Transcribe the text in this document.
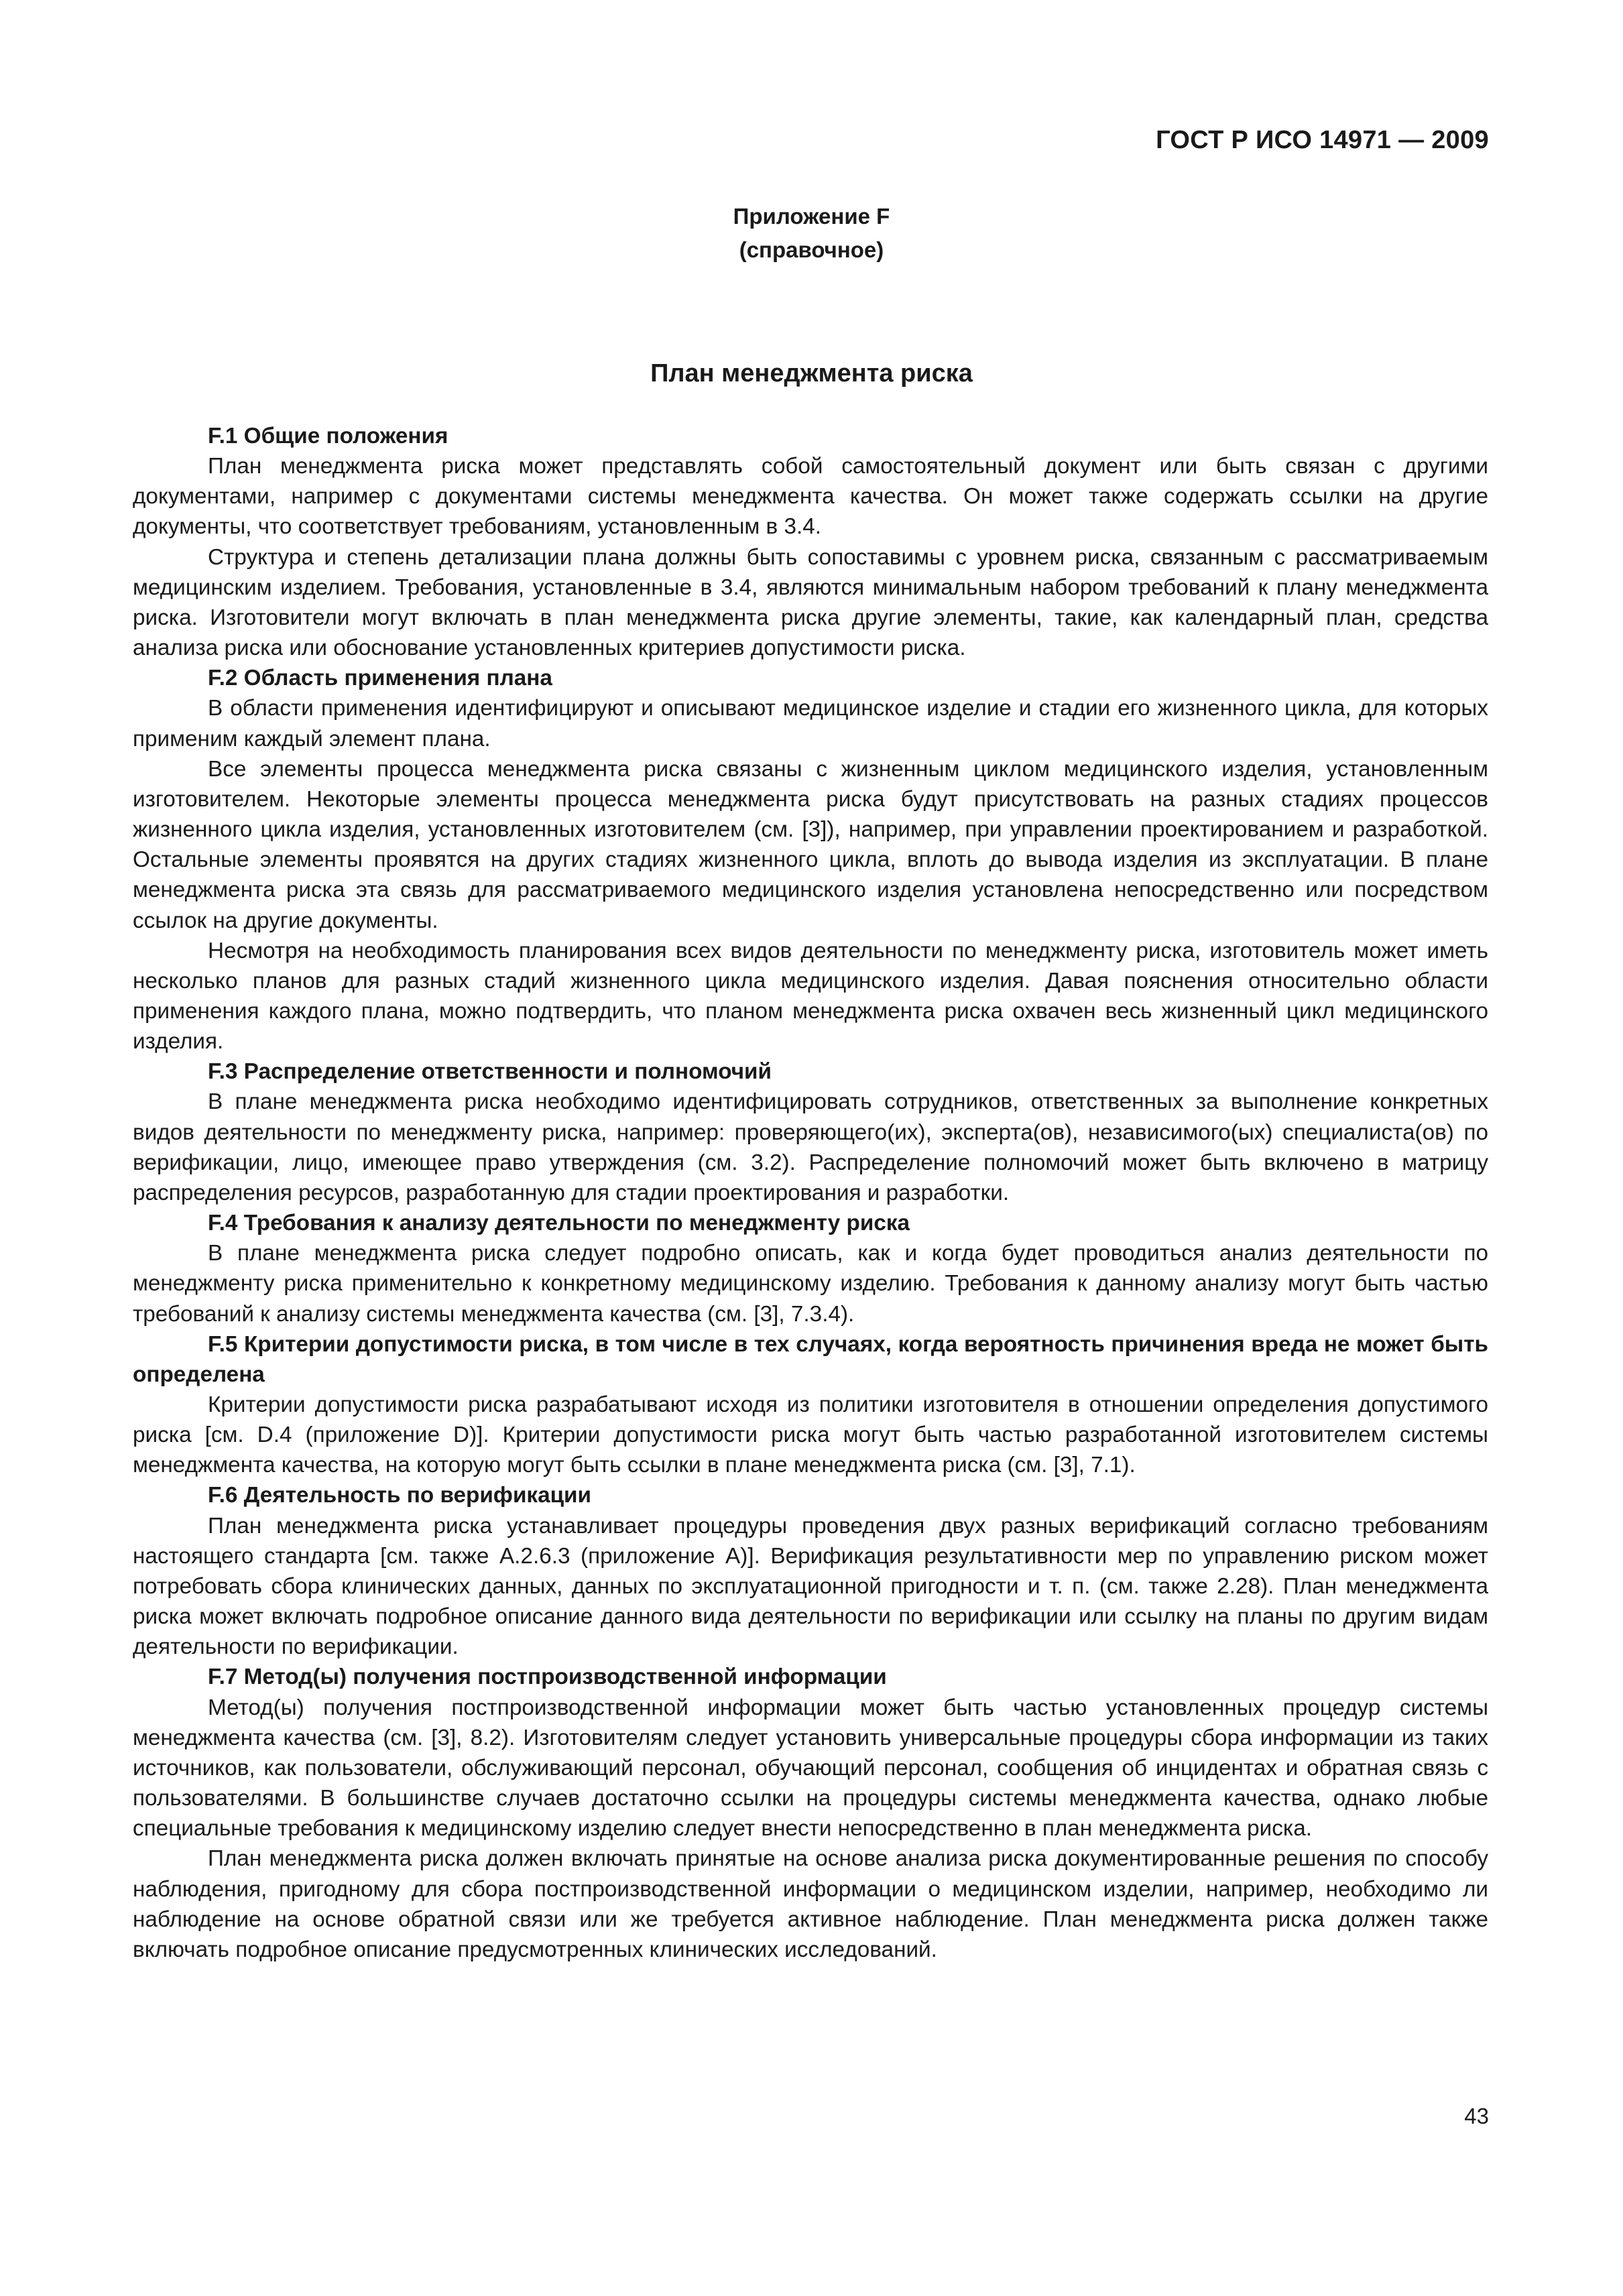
ГОСТ Р ИСО 14971 — 2009
Приложение F
(справочное)
План менеджмента риска
F.1 Общие положения

План менеджмента риска может представлять собой самостоятельный документ или быть связан с другими документами, например с документами системы менеджмента качества. Он может также содержать ссылки на другие документы, что соответствует требованиям, установленным в 3.4.

Структура и степень детализации плана должны быть сопоставимы с уровнем риска, связанным с рассматриваемым медицинским изделием. Требования, установленные в 3.4, являются минимальным набором требований к плану менеджмента риска. Изготовители могут включать в план менеджмента риска другие элементы, такие, как календарный план, средства анализа риска или обоснование установленных критериев допустимости риска.

F.2 Область применения плана

В области применения идентифицируют и описывают медицинское изделие и стадии его жизненного цикла, для которых применим каждый элемент плана.

Все элементы процесса менеджмента риска связаны с жизненным циклом медицинского изделия, установленным изготовителем. Некоторые элементы процесса менеджмента риска будут присутствовать на разных стадиях процессов жизненного цикла изделия, установленных изготовителем (см. [3]), например, при управлении проектированием и разработкой. Остальные элементы проявятся на других стадиях жизненного цикла, вплоть до вывода изделия из эксплуатации. В плане менеджмента риска эта связь для рассматриваемого медицинского изделия установлена непосредственно или посредством ссылок на другие документы.

Несмотря на необходимость планирования всех видов деятельности по менеджменту риска, изготовитель может иметь несколько планов для разных стадий жизненного цикла медицинского изделия. Давая пояснения относительно области применения каждого плана, можно подтвердить, что планом менеджмента риска охвачен весь жизненный цикл медицинского изделия.

F.3 Распределение ответственности и полномочий

В плане менеджмента риска необходимо идентифицировать сотрудников, ответственных за выполнение конкретных видов деятельности по менеджменту риска, например: проверяющего(их), эксперта(ов), независимого(ых) специалиста(ов) по верификации, лицо, имеющее право утверждения (см. 3.2). Распределение полномочий может быть включено в матрицу распределения ресурсов, разработанную для стадии проектирования и разработки.

F.4 Требования к анализу деятельности по менеджменту риска

В плане менеджмента риска следует подробно описать, как и когда будет проводиться анализ деятельности по менеджменту риска применительно к конкретному медицинскому изделию. Требования к данному анализу могут быть частью требований к анализу системы менеджмента качества (см. [3], 7.3.4).

F.5 Критерии допустимости риска, в том числе в тех случаях, когда вероятность причинения вреда не может быть определена

Критерии допустимости риска разрабатывают исходя из политики изготовителя в отношении определения допустимого риска [см. D.4 (приложение D)]. Критерии допустимости риска могут быть частью разработанной изготовителем системы менеджмента качества, на которую могут быть ссылки в плане менеджмента риска (см. [3], 7.1).

F.6 Деятельность по верификации

План менеджмента риска устанавливает процедуры проведения двух разных верификаций согласно требованиям настоящего стандарта [см. также А.2.6.3 (приложение А)]. Верификация результативности мер по управлению риском может потребовать сбора клинических данных, данных по эксплуатационной пригодности и т. п. (см. также 2.28). План менеджмента риска может включать подробное описание данного вида деятельности по верификации или ссылку на планы по другим видам деятельности по верификации.

F.7 Метод(ы) получения постпроизводственной информации

Метод(ы) получения постпроизводственной информации может быть частью установленных процедур системы менеджмента качества (см. [3], 8.2). Изготовителям следует установить универсальные процедуры сбора информации из таких источников, как пользователи, обслуживающий персонал, обучающий персонал, сообщения об инцидентах и обратная связь с пользователями. В большинстве случаев достаточно ссылки на процедуры системы менеджмента качества, однако любые специальные требования к медицинскому изделию следует внести непосредственно в план менеджмента риска.

План менеджмента риска должен включать принятые на основе анализа риска документированные решения по способу наблюдения, пригодному для сбора постпроизводственной информации о медицинском изделии, например, необходимо ли наблюдение на основе обратной связи или же требуется активное наблюдение. План менеджмента риска должен также включать подробное описание предусмотренных клинических исследований.

43
